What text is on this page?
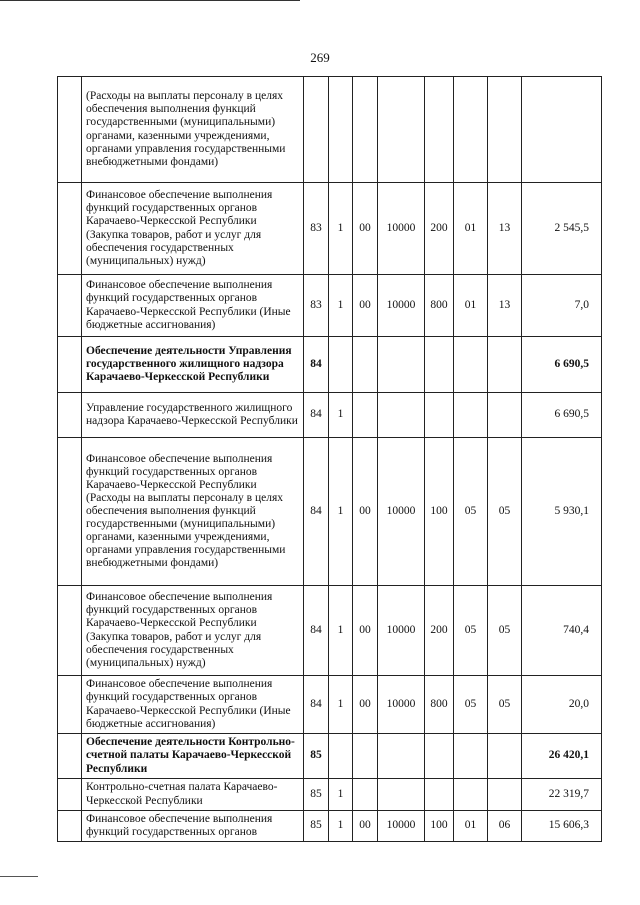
269
	(Расходы на выплаты персоналу в целях обеспечения выполнения функций государственными (муниципальными) органами, казенными учреждениями, органами управления государственными внебюджетными фондами)								
	Финансовое обеспечение выполнения функций государственных органов Карачаево-Черкесской Республики (Закупка товаров, работ и услуг для обеспечения государственных (муниципальных) нужд)	83	1	00	10000	200	01	13	2 545,5
	Финансовое обеспечение выполнения функций государственных органов Карачаево-Черкесской Республики (Иные бюджетные ассигнования)	83	1	00	10000	800	01	13	7,0
	Обеспечение деятельности Управления государственного жилищного надзора Карачаево-Черкесской Республики	84							6 690,5
	Управление государственного жилищного надзора Карачаево-Черкесской Республики	84	1						6 690,5
	Финансовое обеспечение выполнения функций государственных органов Карачаево-Черкесской Республики (Расходы на выплаты персоналу в целях обеспечения выполнения функций государственными (муниципальными) органами, казенными учреждениями, органами управления государственными внебюджетными фондами)	84	1	00	10000	100	05	05	5 930,1
	Финансовое обеспечение выполнения функций государственных органов Карачаево-Черкесской Республики (Закупка товаров, работ и услуг для обеспечения государственных (муниципальных) нужд)	84	1	00	10000	200	05	05	740,4
	Финансовое обеспечение выполнения функций государственных органов Карачаево-Черкесской Республики (Иные бюджетные ассигнования)	84	1	00	10000	800	05	05	20,0
	Обеспечение деятельности Контрольно-счетной палаты Карачаево-Черкесской Республики	85							26 420,1
	Контрольно-счетная палата Карачаево-Черкесской Республики	85	1						22 319,7
	Финансовое обеспечение выполнения функций государственных органов	85	1	00	10000	100	01	06	15 606,3
